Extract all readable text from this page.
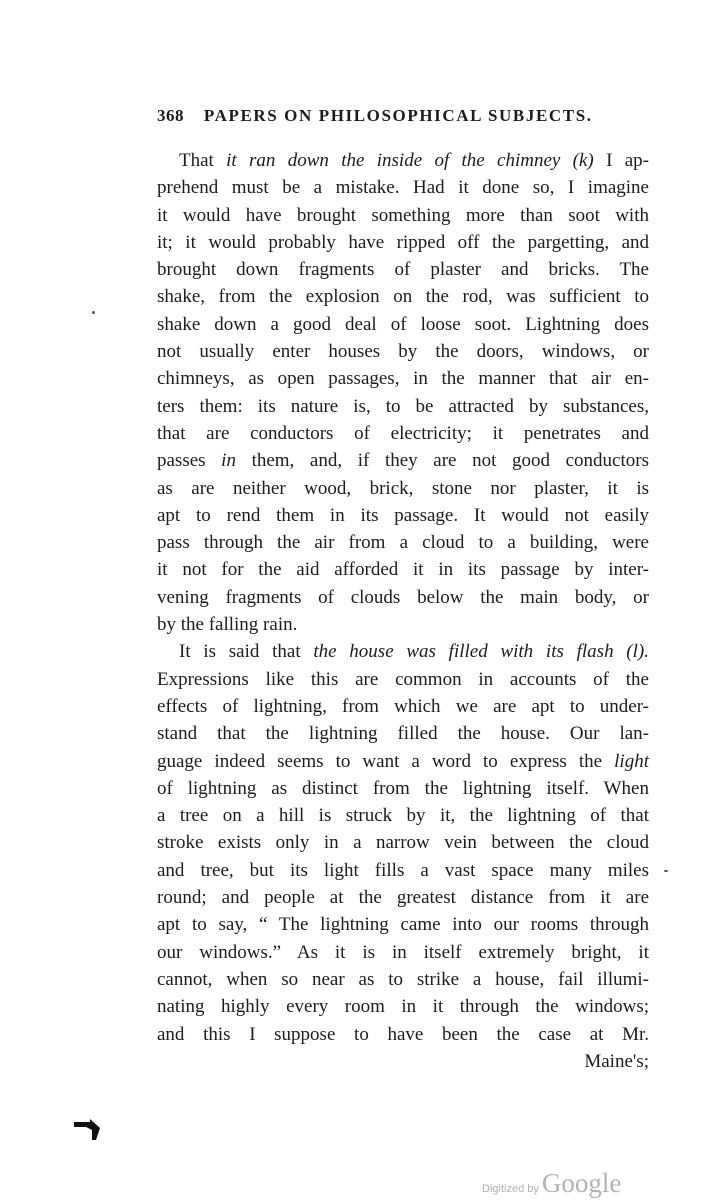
368 PAPERS ON PHILOSOPHICAL SUBJECTS.
That it ran down the inside of the chimney (k) I ap-
prehend must be a mistake. Had it done so, I imagine
it would have brought something more than soot with
it; it would probably have ripped off the pargetting, and
brought down fragments of plaster and bricks. The
shake, from the explosion on the rod, was sufficient to
shake down a good deal of loose soot. Lightning does
not usually enter houses by the doors, windows, or
chimneys, as open passages, in the manner that air en-
ters them: its nature is, to be attracted by substances,
that are conductors of electricity; it penetrates and
passes in them, and, if they are not good conductors
as are neither wood, brick, stone nor plaster, it is
apt to rend them in its passage. It would not easily
pass through the air from a cloud to a building, were
it not for the aid afforded it in its passage by inter-
vening fragments of clouds below the main body, or
by the falling rain.
It is said that the house was filled with its flash (l).
Expressions like this are common in accounts of the
effects of lightning, from which we are apt to under-
stand that the lightning filled the house. Our lan-
guage indeed seems to want a word to express the light
of lightning as distinct from the lightning itself. When
a tree on a hill is struck by it, the lightning of that
stroke exists only in a narrow vein between the cloud
and tree, but its light fills a vast space many miles
round; and people at the greatest distance from it are
apt to say, “ The lightning came into our rooms through
our windows.” As it is in itself extremely bright, it
cannot, when so near as to strike a house, fail illumi-
nating highly every room in it through the windows;
and this I suppose to have been the case at Mr.
Maine's;
Digitized by Google
